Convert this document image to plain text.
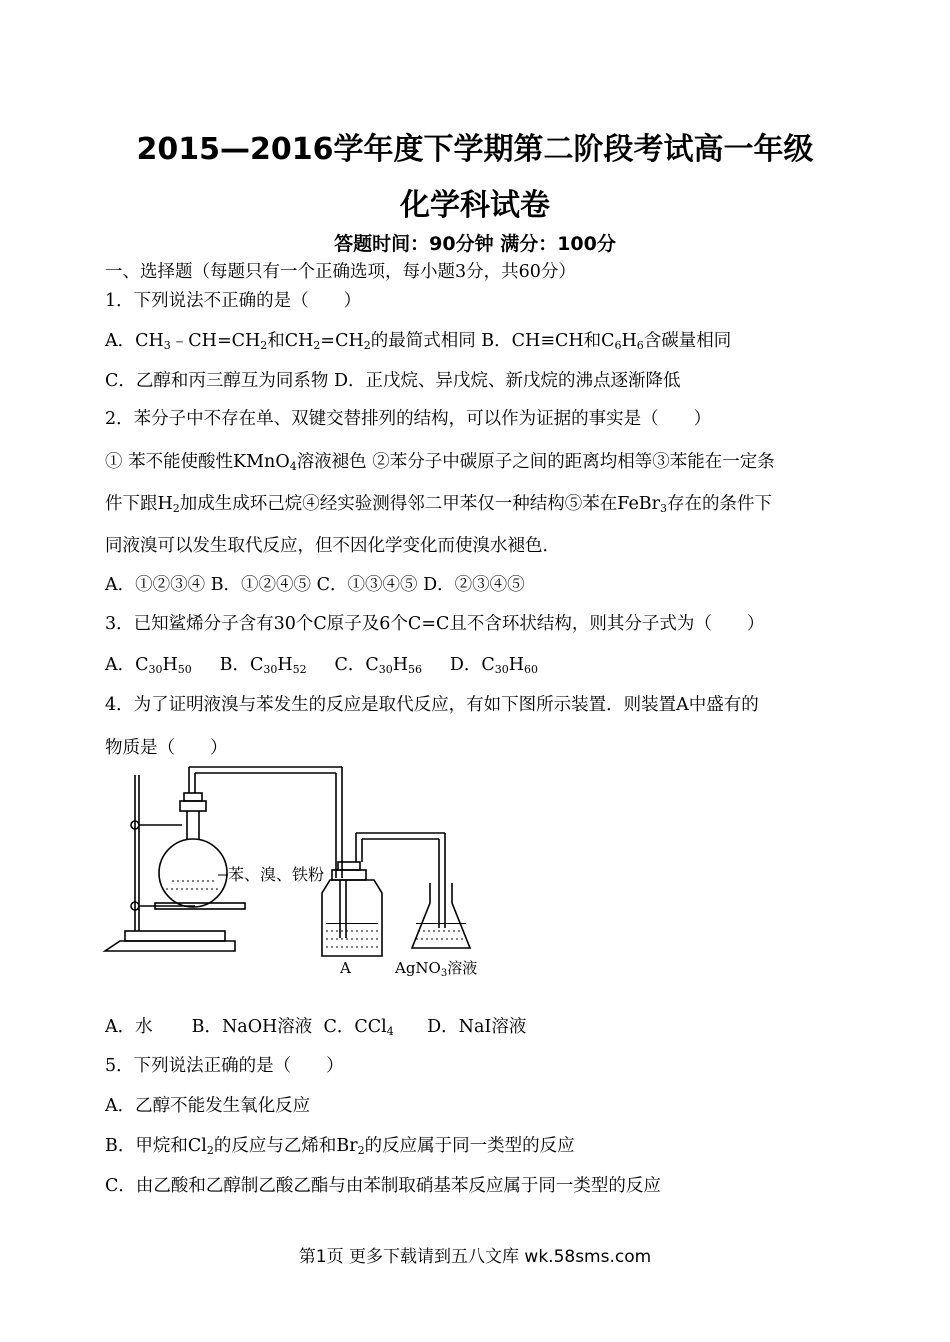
2015—2016学年度下学期第二阶段考试高一年级
化学科试卷
答题时间：90分钟 满分：100分
一、选择题（每题只有一个正确选项，每小题3分，共60分）
1．下列说法不正确的是（　　）
A．$CH_3﹣CH=CH_2$和$CH_2=CH_2$的最简式相同 B．CH≡CH和$C_6H_6$含碳量相同
C．乙醇和丙三醇互为同系物 D．正戊烷、异戊烷、新戊烷的沸点逐渐降低
2．苯分子中不存在单、双键交替排列的结构，可以作为证据的事实是（　　）
① 苯不能使酸性KMnO$_4$溶液褪色 ②苯分子中碳原子之间的距离均相等③苯能在一定条
件下跟$H_2$加成生成环己烷④经实验测得邻二甲苯仅一种结构⑤苯在FeBr$_3$存在的条件下
同液溴可以发生取代反应，但不因化学变化而使溴水褪色．
A．①②③④ B．①②④⑤ C．①③④⑤ D．②③④⑤
3．已知鲨烯分子含有30个C原子及6个C=C且不含环状结构，则其分子式为（　　）
A．$C_{30}H_{50}$ B．$C_{30}H_{52}$ C．$C_{30}H_{56}$ D．$C_{30}H_{60}$
4．为了证明液溴与苯发生的反应是取代反应，有如下图所示装置．则装置A中盛有的
物质是（　　）
苯、溴、铁粉
A	AgNO$_3$溶液
A．水 B．NaOH溶液 C．CCl$_4$ D．NaI溶液
5．下列说法正确的是（　　）
A．乙醇不能发生氧化反应
B．甲烷和$Cl_2$的反应与乙烯和$Br_2$的反应属于同一类型的反应
C．由乙酸和乙醇制乙酸乙酯与由苯制取硝基苯反应属于同一类型的反应
第1页 更多下载请到五八文库 wk.58sms.com
